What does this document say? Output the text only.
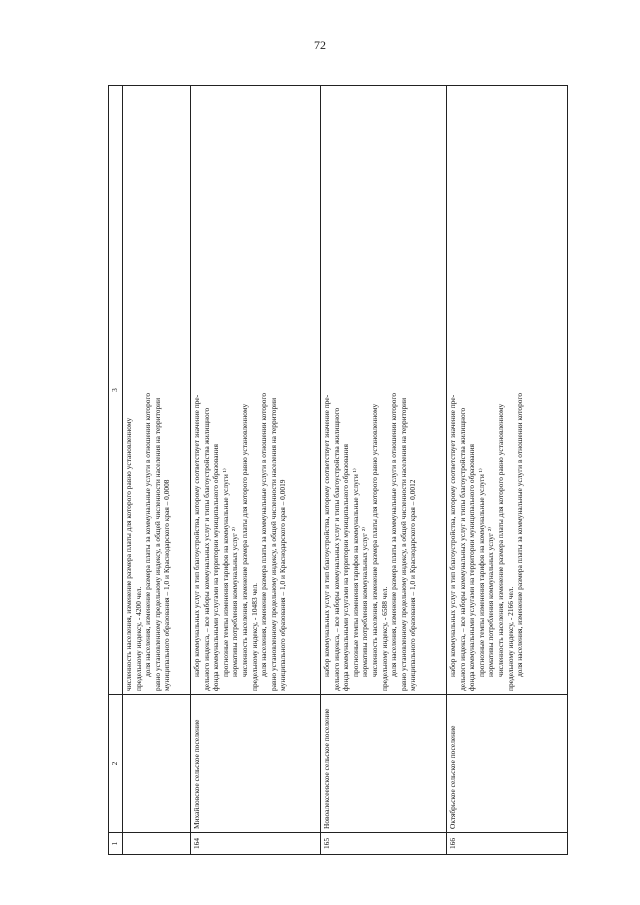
72
1
2
3
численность населения, изменение размера платы для которого равно установленному предельному индексу, - 4200 чел. доля населения, изменение размера платы за коммунальные услуги в отношении которого равно установленному предельному индексу, в общей численности населения на территории муниципального образования – 1,0 и Краснодарского края – 0,0008
164
Михайловское сельское поселение
набор коммунальных услуг и тип благоустройства, которому соответствует значение пре- дельного индекса, – все наборы коммунальных услуг и типы благоустройства жилищного фонда коммунальными услугами на территории муниципального образования прогнозные темпы изменения тарифов на коммунальные услуги ¹⁾ нормативы потребления коммунальных услуг ²⁾ численность населения, изменение размера платы для которого равно установленному предельному индексу, - 10483 чел. доля населения, изменение размера платы за коммунальные услуги в отношении которого равно установленному предельному индексу, в общей численности населения на территории муниципального образования – 1,0 и Краснодарского края – 0,0019
165
Новоалексеевское сельское поселение
набор коммунальных услуг и тип благоустройства, которому соответствует значение пре- дельного индекса, – все наборы коммунальных услуг и типы благоустройства жилищного фонда коммунальными услугами на территории муниципального образования прогнозные темпы изменения тарифов на коммунальные услуги ¹⁾ нормативы потребления коммунальных услуг ²⁾ численность населения, изменение размера платы для которого равно установленному предельному индексу, - 6588 чел. доля населения, изменение размера платы за коммунальные услуги в отношении которого равно установленному предельному индексу, в общей численности населения на территории муниципального образования – 1,0 и Краснодарского края – 0,0012
166
Октябрьское сельское поселение
набор коммунальных услуг и тип благоустройства, которому соответствует значение пре- дельного индекса, – все наборы коммунальных услуг и типы благоустройства жилищного фонда коммунальными услугами на территории муниципального образования прогнозные темпы изменения тарифов на коммунальные услуги ¹⁾ нормативы потребления коммунальных услуг ²⁾ численность населения, изменение размера платы для которого равно установленному предельному индексу, - 2166 чел. доля населения, изменение размера платы за коммунальные услуги в отношении которого
